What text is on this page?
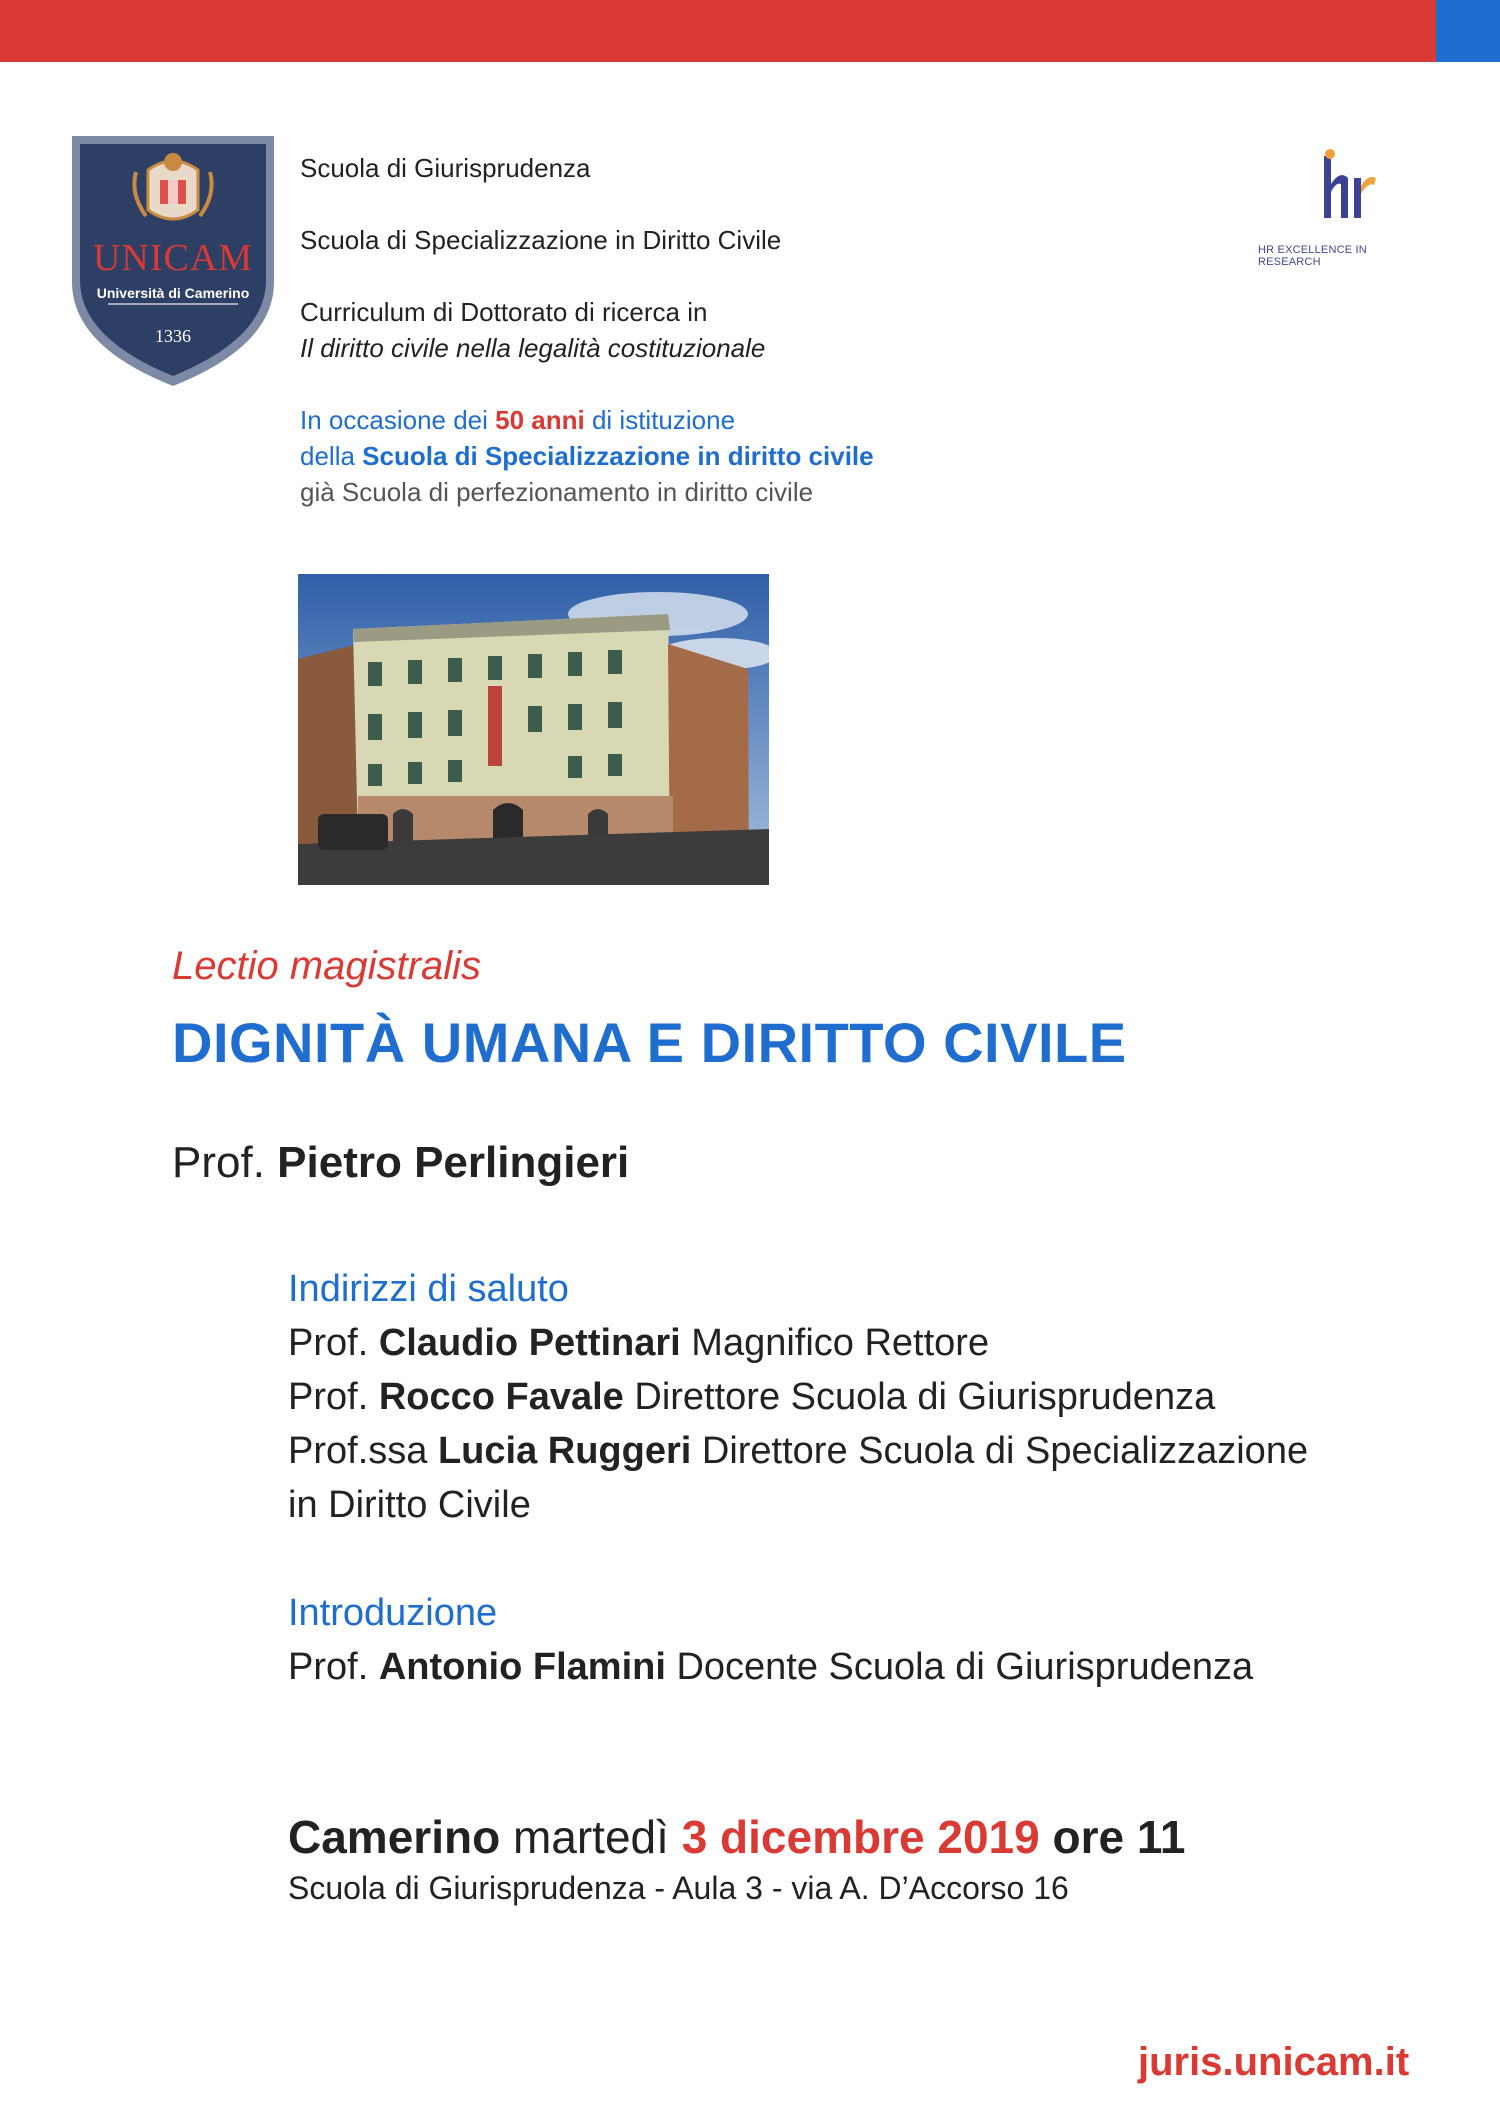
UNICAM
Università di Camerino
1336
HR EXCELLENCE IN RESEARCH

Scuola di Giurisprudenza

Scuola di Specializzazione in Diritto Civile

Curriculum di Dottorato di ricerca in

Il diritto civile nella legalità costituzionale

In occasione dei 50 anni di istituzione

della Scuola di Specializzazione in diritto civile

già Scuola di perfezionamento in diritto civile

Lectio magistralis
DIGNITÀ UMANA E DIRITTO CIVILE
Prof. Pietro Perlingieri

Indirizzi di saluto

Prof. Claudio Pettinari Magnifico Rettore

Prof. Rocco Favale Direttore Scuola di Giurisprudenza

Prof.ssa Lucia Ruggeri Direttore Scuola di Specializzazione

in Diritto Civile

Introduzione

Prof. Antonio Flamini Docente Scuola di Giurisprudenza

Camerino martedì 3 dicembre 2019 ore 11
Scuola di Giurisprudenza - Aula 3 - via A. D’Accorso 16
juris.unicam.it
